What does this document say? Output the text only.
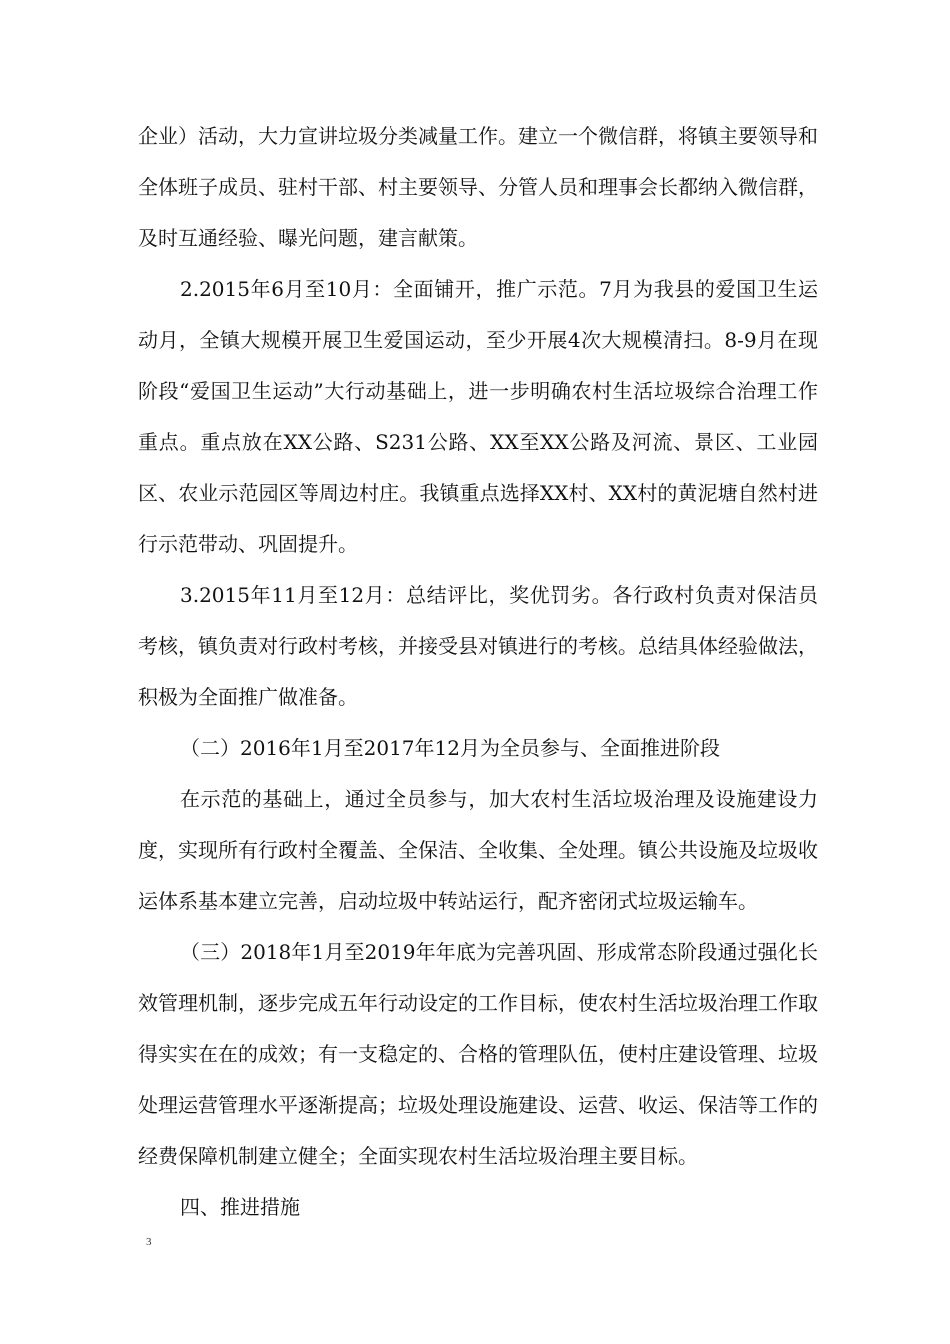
企业）活动，大力宣讲垃圾分类减量工作。建立一个微信群，将镇主要领导和全体班子成员、驻村干部、村主要领导、分管人员和理事会长都纳入微信群，及时互通经验、曝光问题，建言献策。

2.2015年6月至10月：全面铺开，推广示范。7月为我县的爱国卫生运动月，全镇大规模开展卫生爱国运动，至少开展4次大规模清扫。8-9月在现阶段“爱国卫生运动”大行动基础上，进一步明确农村生活垃圾综合治理工作重点。重点放在XX公路、S231公路、XX至XX公路及河流、景区、工业园区、农业示范园区等周边村庄。我镇重点选择XX村、XX村的黄泥塘自然村进行示范带动、巩固提升。

3.2015年11月至12月：总结评比，奖优罚劣。各行政村负责对保洁员考核，镇负责对行政村考核，并接受县对镇进行的考核。总结具体经验做法，积极为全面推广做准备。

（二）2016年1月至2017年12月为全员参与、全面推进阶段

在示范的基础上，通过全员参与，加大农村生活垃圾治理及设施建设力度，实现所有行政村全覆盖、全保洁、全收集、全处理。镇公共设施及垃圾收运体系基本建立完善，启动垃圾中转站运行，配齐密闭式垃圾运输车。

（三）2018年1月至2019年年底为完善巩固、形成常态阶段通过强化长效管理机制，逐步完成五年行动设定的工作目标，使农村生活垃圾治理工作取得实实在在的成效；有一支稳定的、合格的管理队伍，使村庄建设管理、垃圾处理运营管理水平逐渐提高；垃圾处理设施建设、运营、收运、保洁等工作的经费保障机制建立健全；全面实现农村生活垃圾治理主要目标。

四、推进措施

3
